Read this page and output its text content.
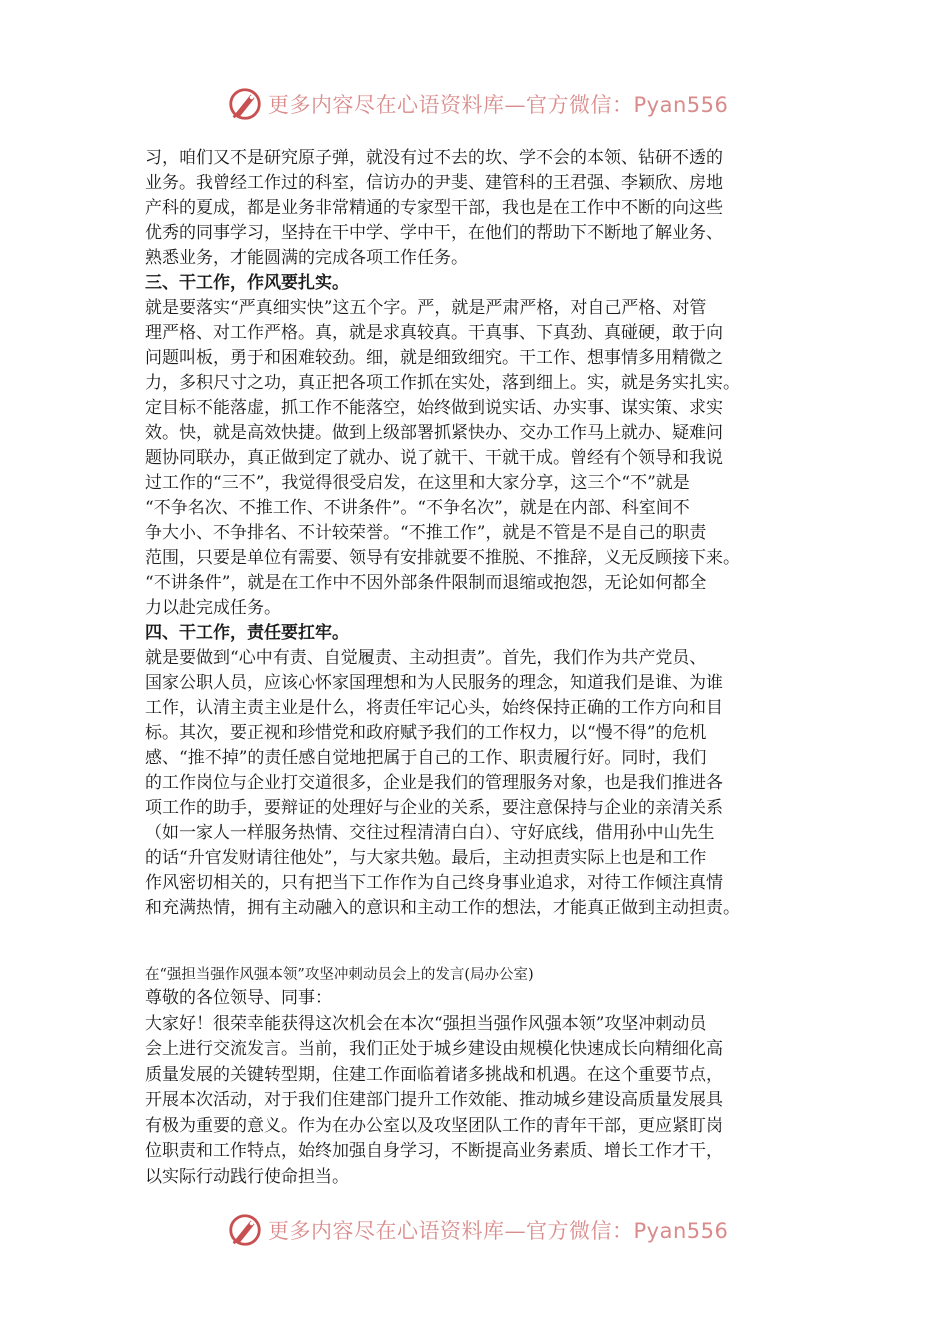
更多内容尽在心语资料库—官方微信：Pyan556
习，咱们又不是研究原子弹，就没有过不去的坎、学不会的本领、钻研不透的
业务。我曾经工作过的科室，信访办的尹斐、建管科的王君强、李颖欣、房地
产科的夏成，都是业务非常精通的专家型干部，我也是在工作中不断的向这些
优秀的同事学习，坚持在干中学、学中干，在他们的帮助下不断地了解业务、
熟悉业务，才能圆满的完成各项工作任务。
三、干工作，作风要扎实。
就是要落实“严真细实快”这五个字。严，就是严肃严格，对自己严格、对管
理严格、对工作严格。真，就是求真较真。干真事、下真劲、真碰硬，敢于向
问题叫板，勇于和困难较劲。细，就是细致细究。干工作、想事情多用精微之
力，多积尺寸之功，真正把各项工作抓在实处，落到细上。实，就是务实扎实。
定目标不能落虚，抓工作不能落空，始终做到说实话、办实事、谋实策、求实
效。快，就是高效快捷。做到上级部署抓紧快办、交办工作马上就办、疑难问
题协同联办，真正做到定了就办、说了就干、干就干成。曾经有个领导和我说
过工作的“三不”，我觉得很受启发，在这里和大家分享，这三个“不”就是
“不争名次、不推工作、不讲条件”。“不争名次”，就是在内部、科室间不
争大小、不争排名、不计较荣誉。“不推工作”，就是不管是不是自己的职责
范围，只要是单位有需要、领导有安排就要不推脱、不推辞，义无反顾接下来。
“不讲条件”，就是在工作中不因外部条件限制而退缩或抱怨，无论如何都全
力以赴完成任务。
四、干工作，责任要扛牢。
就是要做到“心中有责、自觉履责、主动担责”。首先，我们作为共产党员、
国家公职人员，应该心怀家国理想和为人民服务的理念，知道我们是谁、为谁
工作，认清主责主业是什么，将责任牢记心头，始终保持正确的工作方向和目
标。其次，要正视和珍惜党和政府赋予我们的工作权力，以“慢不得”的危机
感、“推不掉”的责任感自觉地把属于自己的工作、职责履行好。同时，我们
的工作岗位与企业打交道很多，企业是我们的管理服务对象，也是我们推进各
项工作的助手，要辩证的处理好与企业的关系，要注意保持与企业的亲清关系
（如一家人一样服务热情、交往过程清清白白）、守好底线，借用孙中山先生
的话“升官发财请往他处”，与大家共勉。最后，主动担责实际上也是和工作
作风密切相关的，只有把当下工作作为自己终身事业追求，对待工作倾注真情
和充满热情，拥有主动融入的意识和主动工作的想法，才能真正做到主动担责。
在“强担当强作风强本领”攻坚冲刺动员会上的发言(局办公室)
尊敬的各位领导、同事：
大家好！很荣幸能获得这次机会在本次“强担当强作风强本领”攻坚冲刺动员
会上进行交流发言。当前，我们正处于城乡建设由规模化快速成长向精细化高
质量发展的关键转型期，住建工作面临着诸多挑战和机遇。在这个重要节点，
开展本次活动，对于我们住建部门提升工作效能、推动城乡建设高质量发展具
有极为重要的意义。作为在办公室以及攻坚团队工作的青年干部，更应紧盯岗
位职责和工作特点，始终加强自身学习，不断提高业务素质、增长工作才干，
以实际行动践行使命担当。
更多内容尽在心语资料库—官方微信：Pyan556
